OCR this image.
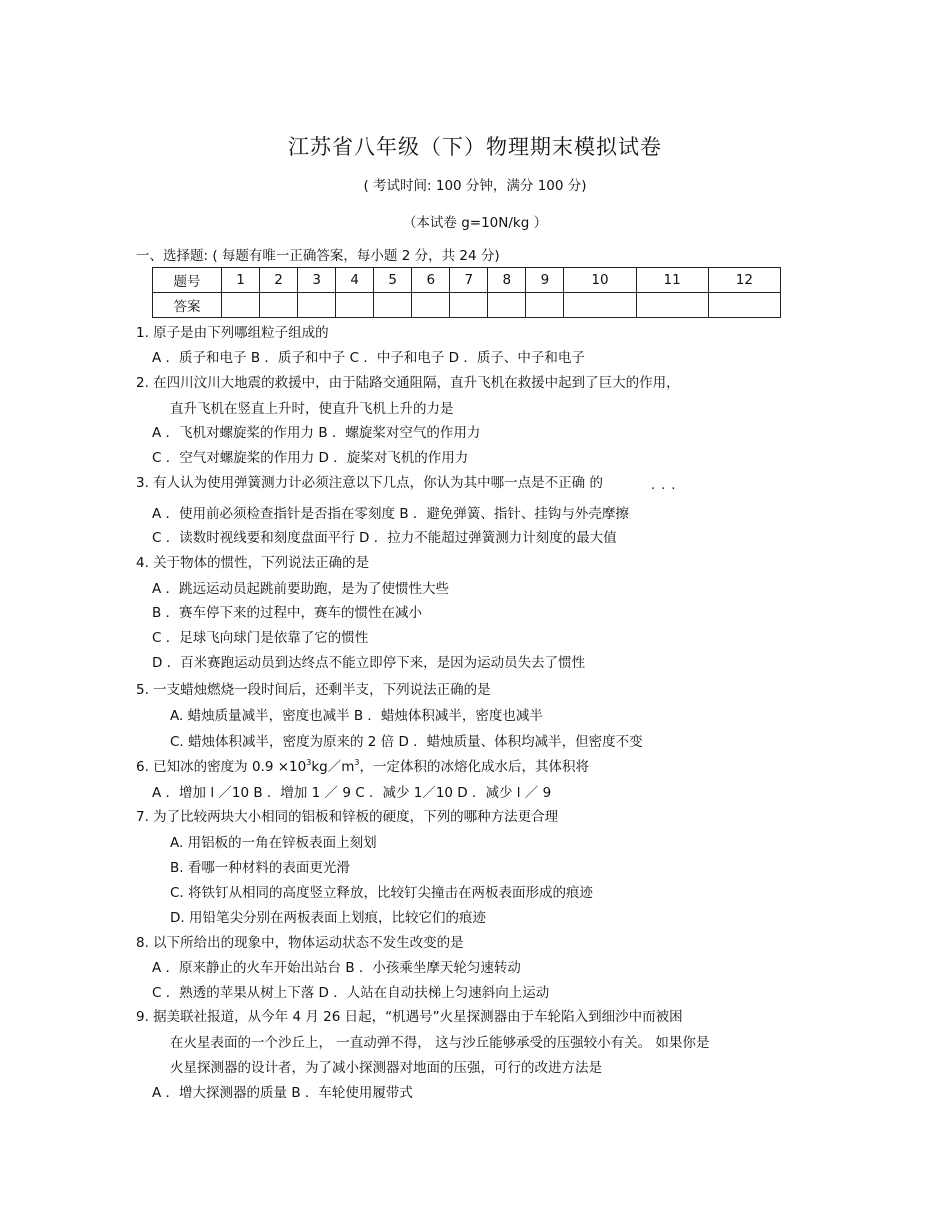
江苏省八年级（下）物理期末模拟试卷
( 考试时间: 100 分钟，满分 100 分)
（本试卷 g=10N/kg ）
一、选择题: ( 每题有唯一正确答案，每小题 2 分，共 24 分)
题号	1	2	3	4	5	6	7	8	9	10	11	12
答案												
1. 原子是由下列哪组粒子组成的
A ．质子和电子 B ．质子和中子 C ．中子和电子 D ．质子、中子和电子
2. 在四川汶川大地震的救援中，由于陆路交通阻隔，直升飞机在救援中起到了巨大的作用，
直升飞机在竖直上升时，使直升飞机上升的力是
A ．飞机对螺旋桨的作用力 B ．螺旋桨对空气的作用力
C ．空气对螺旋桨的作用力 D ．旋桨对飞机的作用力
3. 有人认为使用弹簧测力计必须注意以下几点，你认为其中哪一点是不正确 的	...
A ．使用前必须检查指针是否指在零刻度 B ．避免弹簧、指针、挂钩与外壳摩擦
C ．读数时视线要和刻度盘面平行 D ．拉力不能超过弹簧测力计刻度的最大值
4. 关于物体的惯性，下列说法正确的是
A ．跳远运动员起跳前要助跑，是为了使惯性大些
B ．赛车停下来的过程中，赛车的惯性在减小
C ．足球飞向球门是依靠了它的惯性
D ．百米赛跑运动员到达终点不能立即停下来，是因为运动员失去了惯性
5. 一支蜡烛燃烧一段时间后，还剩半支，下列说法正确的是
A. 蜡烛质量减半，密度也减半 B ．蜡烛体积减半，密度也减半
C. 蜡烛体积减半，密度为原来的 2 倍 D ．蜡烛质量、体积均减半，但密度不变
6. 已知冰的密度为 $0.9 \times 10^3kg/m^3$，一定体积的冰熔化成水后，其体积将
A ．增加 l ／10 B ．增加 1 ／ 9 C ．减少 1／10 D ．减少 l ／ 9
7. 为了比较两块大小相同的铝板和锌板的硬度，下列的哪种方法更合理
A. 用铝板的一角在锌板表面上刻划
B. 看哪一种材料的表面更光滑
C. 将铁钉从相同的高度竖立释放，比较钉尖撞击在两板表面形成的痕迹
D. 用铅笔尖分别在两板表面上划痕，比较它们的痕迹
8. 以下所给出的现象中，物体运动状态不发生改变的是
A ．原来静止的火车开始出站台 B ．小孩乘坐摩天轮匀速转动
C ．熟透的苹果从树上下落 D ．人站在自动扶梯上匀速斜向上运动
9. 据美联社报道，从今年 4 月 26 日起，“机遇号”火星探测器由于车轮陷入到细沙中而被困
在火星表面的一个沙丘上， 一直动弹不得， 这与沙丘能够承受的压强较小有关。 如果你是
火星探测器的设计者，为了减小探测器对地面的压强，可行的改进方法是
A ．增大探测器的质量 B ．车轮使用履带式
